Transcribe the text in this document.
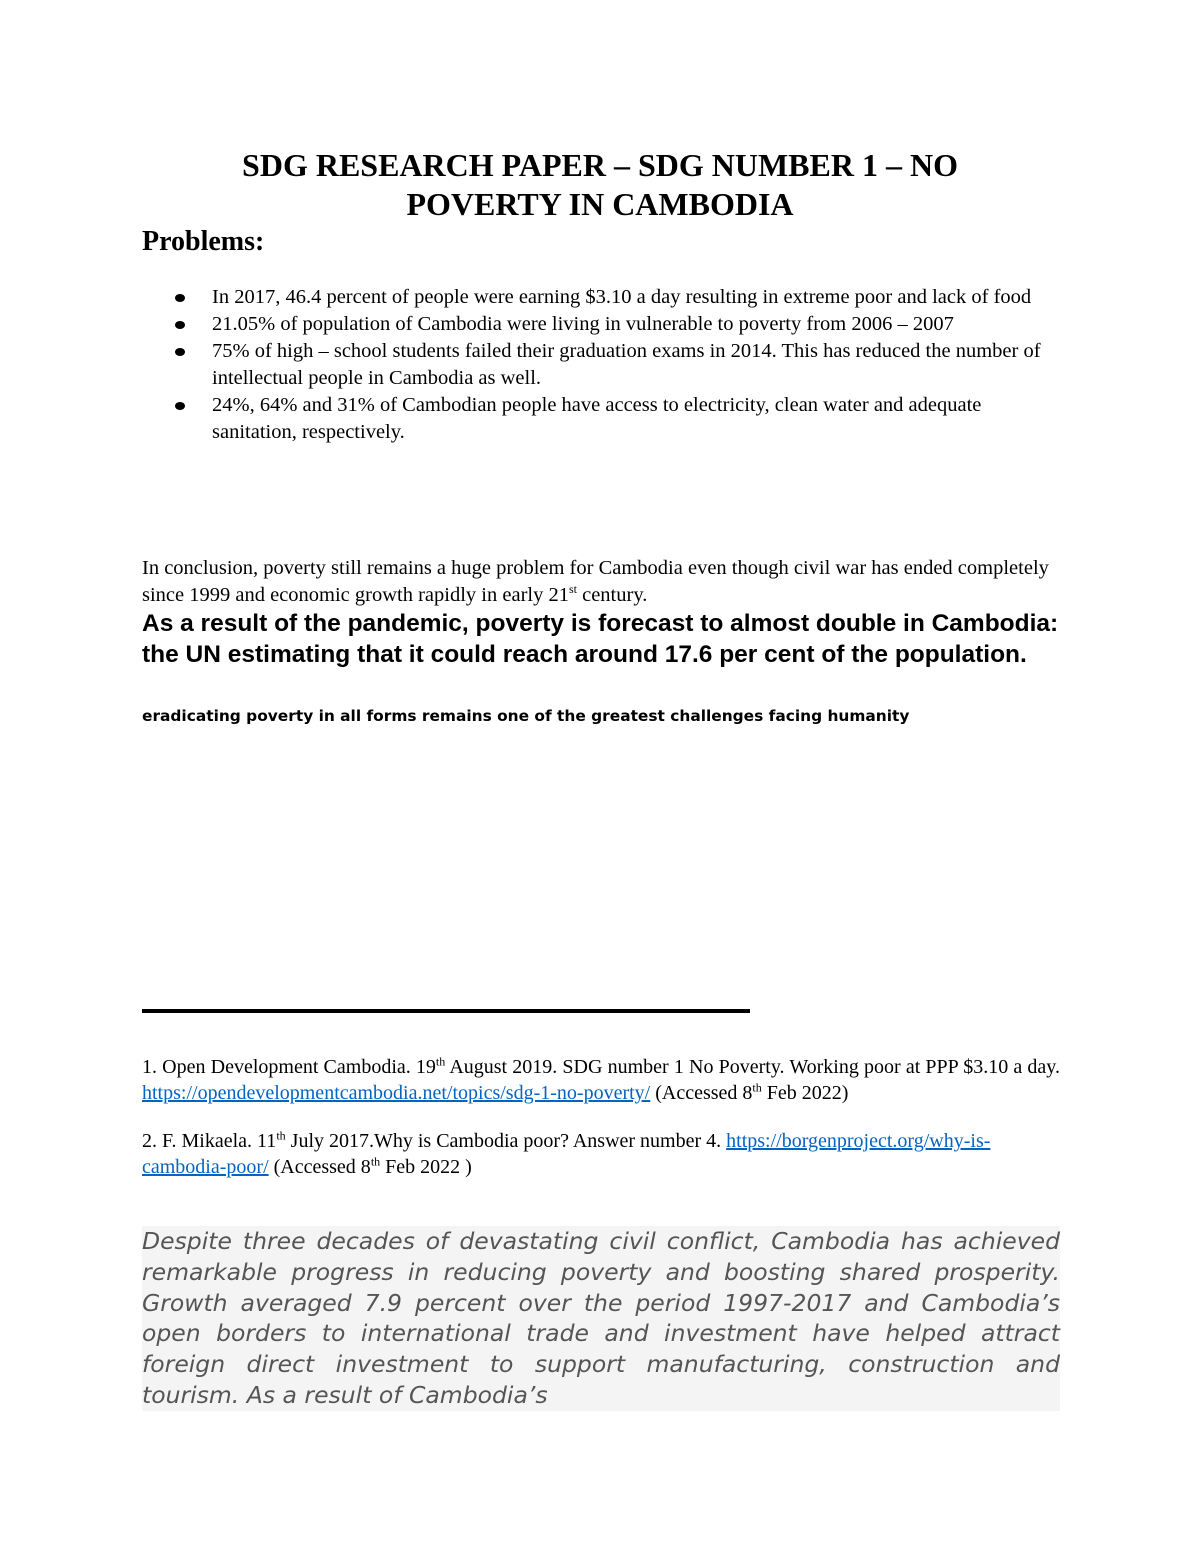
SDG RESEARCH PAPER – SDG NUMBER 1 – NO
POVERTY IN CAMBODIA
Problems:
In 2017, 46.4 percent of people were earning $3.10 a day resulting in extreme poor and lack of food
21.05% of population of Cambodia were living in vulnerable to poverty from 2006 – 2007
75% of high – school students failed their graduation exams in 2014. This has reduced the number of intellectual people in Cambodia as well.
24%, 64% and 31% of Cambodian people have access to electricity, clean water and adequate sanitation, respectively.

In conclusion, poverty still remains a huge problem for Cambodia even though civil war has ended completely since 1999 and economic growth rapidly in early 21st century.

As a result of the pandemic, poverty is forecast to almost double in Cambodia: the UN estimating that it could reach around 17.6 per cent of the population.

eradicating poverty in all forms remains one of the greatest challenges facing humanity

1. Open Development Cambodia. 19th August 2019. SDG number 1 No Poverty. Working poor at PPP $3.10 a day. https://opendevelopmentcambodia.net/topics/sdg-1-no-poverty/ (Accessed 8th Feb 2022)

2. F. Mikaela. 11th July 2017.Why is Cambodia poor? Answer number 4. https://borgenproject.org/why-is-cambodia-poor/ (Accessed 8th Feb 2022 )

Despite three decades of devastating civil conflict, Cambodia has achieved remarkable progress in reducing poverty and boosting shared prosperity. Growth averaged 7.9 percent over the period 1997-2017 and Cambodia’s open borders to international trade and investment have helped attract foreign direct investment to support manufacturing, construction and tourism. As a result of Cambodia’s
